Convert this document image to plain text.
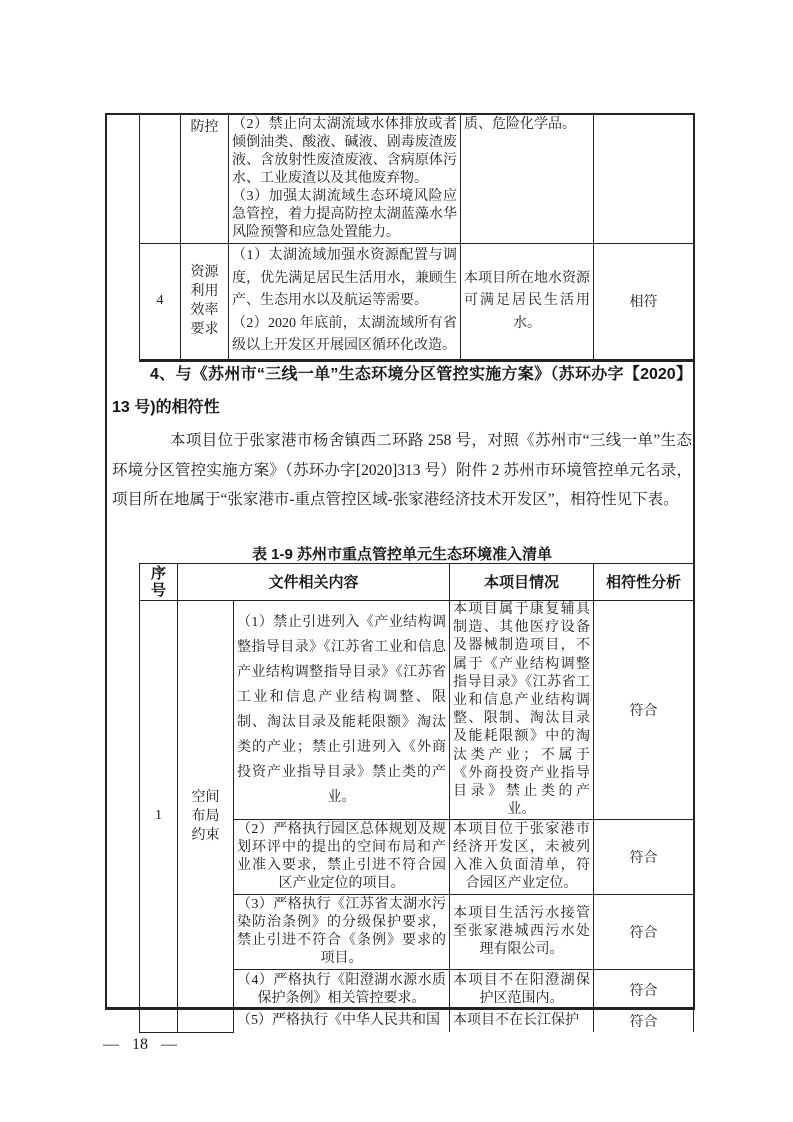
	防控	（2）禁止向太湖流域水体排放或者倾倒油类、酸液、碱液、剧毒废渣废液、含放射性废渣废液、含病原体污水、工业废渣以及其他废弃物。
（3）加强太湖流域生态环境风险应急管控，着力提高防控太湖蓝藻水华风险预警和应急处置能力。	质、危险化学品。	
4	资源
利用
效率
要求	（1）太湖流域加强水资源配置与调度，优先满足居民生活用水，兼顾生产、生态用水以及航运等需要。
（2）2020 年底前，太湖流域所有省级以上开发区开展园区循环化改造。	本项目所在地水资源可满足居民生活用水。	相符
4、与《苏州市“三线一单”生态环境分区管控实施方案》（苏环办字【2020】13 号)的相符性
本项目位于张家港市杨舍镇西二环路 258 号，对照《苏州市“三线一单”生态环境分区管控实施方案》（苏环办字[2020]313 号）附件 2 苏州市环境管控单元名录，项目所在地属于“张家港市-重点管控区域-张家港经济技术开发区”，相符性见下表。
表 1-9 苏州市重点管控单元生态环境准入清单
序
号	文件相关内容		本项目情况	相符性分析
1	空间
布局
约束	（1）禁止引进列入《产业结构调整指导目录》《江苏省工业和信息产业结构调整指导目录》《江苏省工业和信息产业结构调整、限制、淘汰目录及能耗限额》淘汰类的产业；禁止引进列入《外商投资产业指导目录》禁止类的产业。	本项目属于康复辅具制造、其他医疗设备及器械制造项目，不属于《产业结构调整指导目录》《江苏省工业和信息产业结构调整、限制、淘汰目录及能耗限额》中的淘汰类产业；不属于《外商投资产业指导目录》禁止类的产业。	符合
		（2）严格执行园区总体规划及规划环评中的提出的空间布局和产业准入要求，禁止引进不符合园区产业定位的项目。	本项目位于张家港市经济开发区，未被列入准入负面清单，符合园区产业定位。	符合
		（3）严格执行《江苏省太湖水污染防治条例》的分级保护要求，禁止引进不符合《条例》要求的项目。	本项目生活污水接管至张家港城西污水处理有限公司。	符合
		（4）严格执行《阳澄湖水源水质保护条例》相关管控要求。	本项目不在阳澄湖保护区范围内。	符合
		（5）严格执行《中华人民共和国	本项目不在长江保护	符合
— 18 —
